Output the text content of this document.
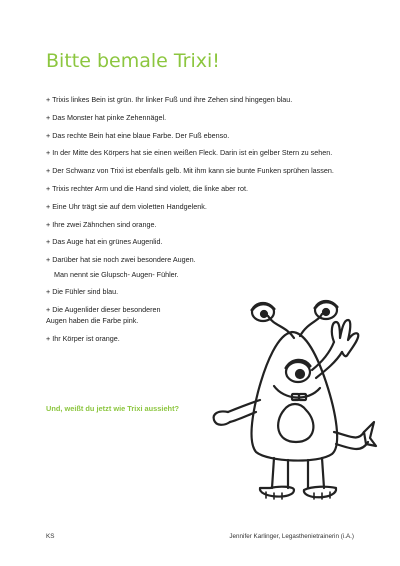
Bitte bemale Trixi!
+ Trixis linkes Bein ist grün. Ihr linker Fuß und ihre Zehen sind hingegen blau.
+ Das Monster hat pinke Zehennägel.
+ Das rechte Bein hat eine blaue Farbe. Der Fuß ebenso.
+ In der Mitte des Körpers hat sie einen weißen Fleck. Darin ist ein gelber Stern zu sehen.
+ Der Schwanz von Trixi ist ebenfalls gelb. Mit ihm kann sie bunte Funken sprühen lassen.
+ Trixis rechter Arm und die Hand sind violett, die linke aber rot.
+ Eine Uhr trägt sie auf dem violetten Handgelenk.
+ Ihre zwei Zähnchen sind orange.
+ Das Auge hat ein grünes Augenlid.
+ Darüber hat sie noch zwei besondere Augen.
Man nennt sie Glupsch- Augen- Fühler.
+ Die Fühler sind blau.
+ Die Augenlider dieser besonderen
Augen haben die Farbe pink.
+ Ihr Körper ist orange.

Und, weißt du jetzt wie Trixi aussieht?

KS	Jennifer Karlinger, Legasthenietrainerin (i.A.)
